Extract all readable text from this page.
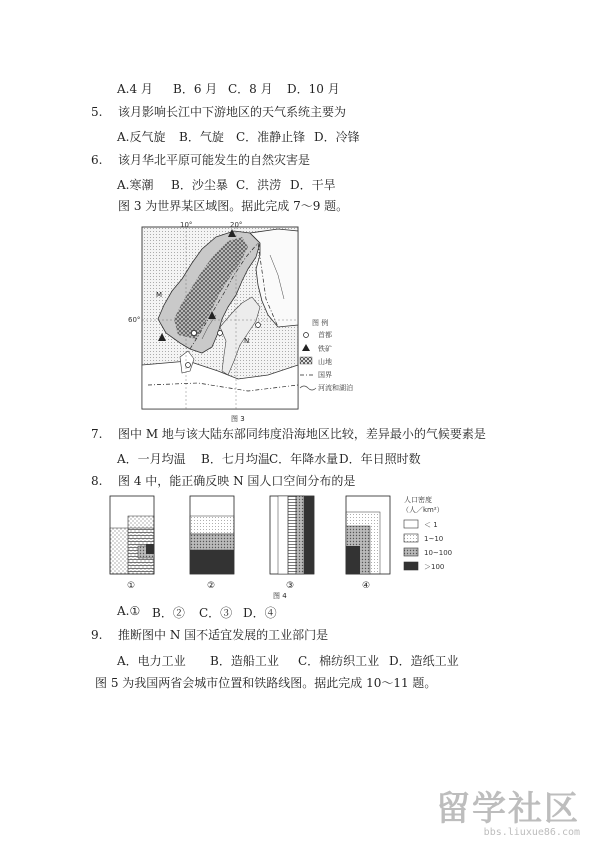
A.4 月 B．6 月 C．8 月 D．10 月
5. 该月影响长江中下游地区的天气系统主要为
A.反气旋 B．气旋 C．准静止锋 D．冷锋
6. 该月华北平原可能发生的自然灾害是
A.寒潮 B．沙尘暴 C．洪涝 D．干旱
图 3 为世界某区域图。据此完成 7～9 题。
10°	20°
60°
M
N
图 例
首都
铁矿
山地
国界
河流和湖泊
图 3
7. 图中 M 地与该大陆东部同纬度沿海地区比较，差异最小的气候要素是
A．一月均温 B．七月均温 C．年降水量 D．年日照时数
8. 图 4 中，能正确反映 N 国人口空间分布的是
①	②	③	④
人口密度
（人／km²）
＜ 1
1~10
10~100
＞100
图 4
A.① B．② C．③ D．④
9. 推断图中 N 国不适宜发展的工业部门是
A．电力工业 B．造船工业 C．棉纺织工业 D．造纸工业
图 5 为我国两省会城市位置和铁路线图。据此完成 10～11 题。
留学社区
bbs.liuxue86.com
